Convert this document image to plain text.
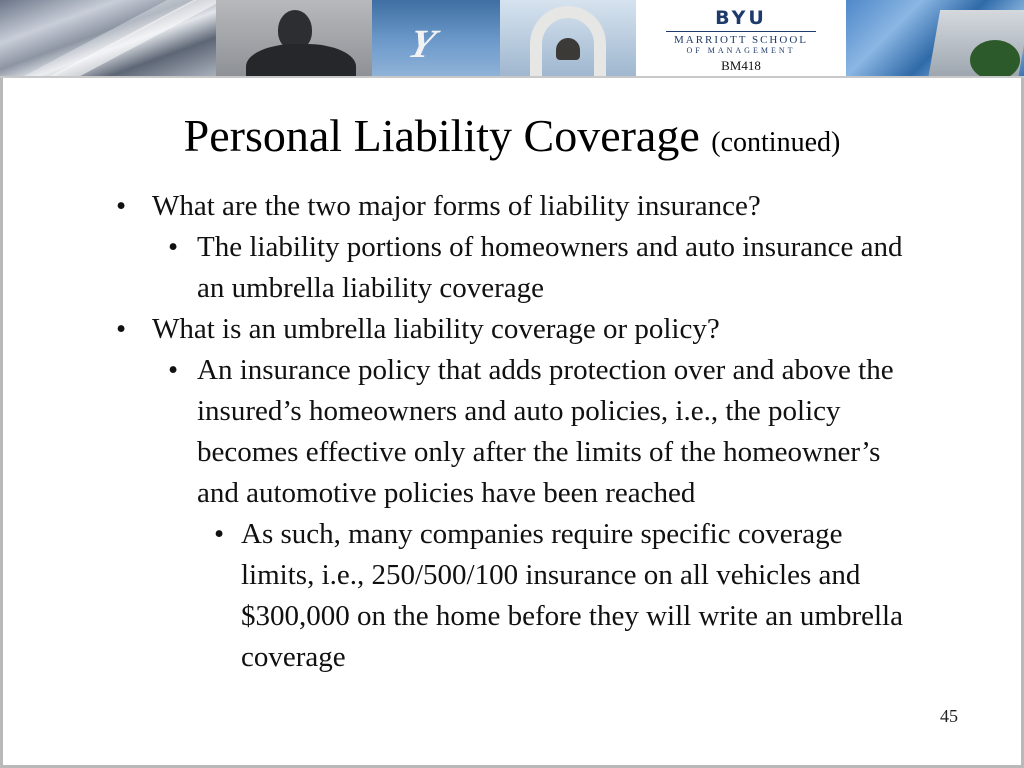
Y
BYU
MARRIOTT SCHOOL
OF MANAGEMENT
BM418
Personal Liability Coverage (continued)
• What are the two major forms of liability insurance?
• The liability portions of homeowners and auto insurance and an umbrella liability coverage
• What is an umbrella liability coverage or policy?
• An insurance policy that adds protection over and above the insured’s homeowners and auto policies, i.e., the policy becomes effective only after the limits of the homeowner’s and automotive policies have been reached
• As such, many companies require specific coverage limits, i.e., 250/500/100 insurance on all vehicles and $300,000 on the home before they will write an umbrella coverage
45
